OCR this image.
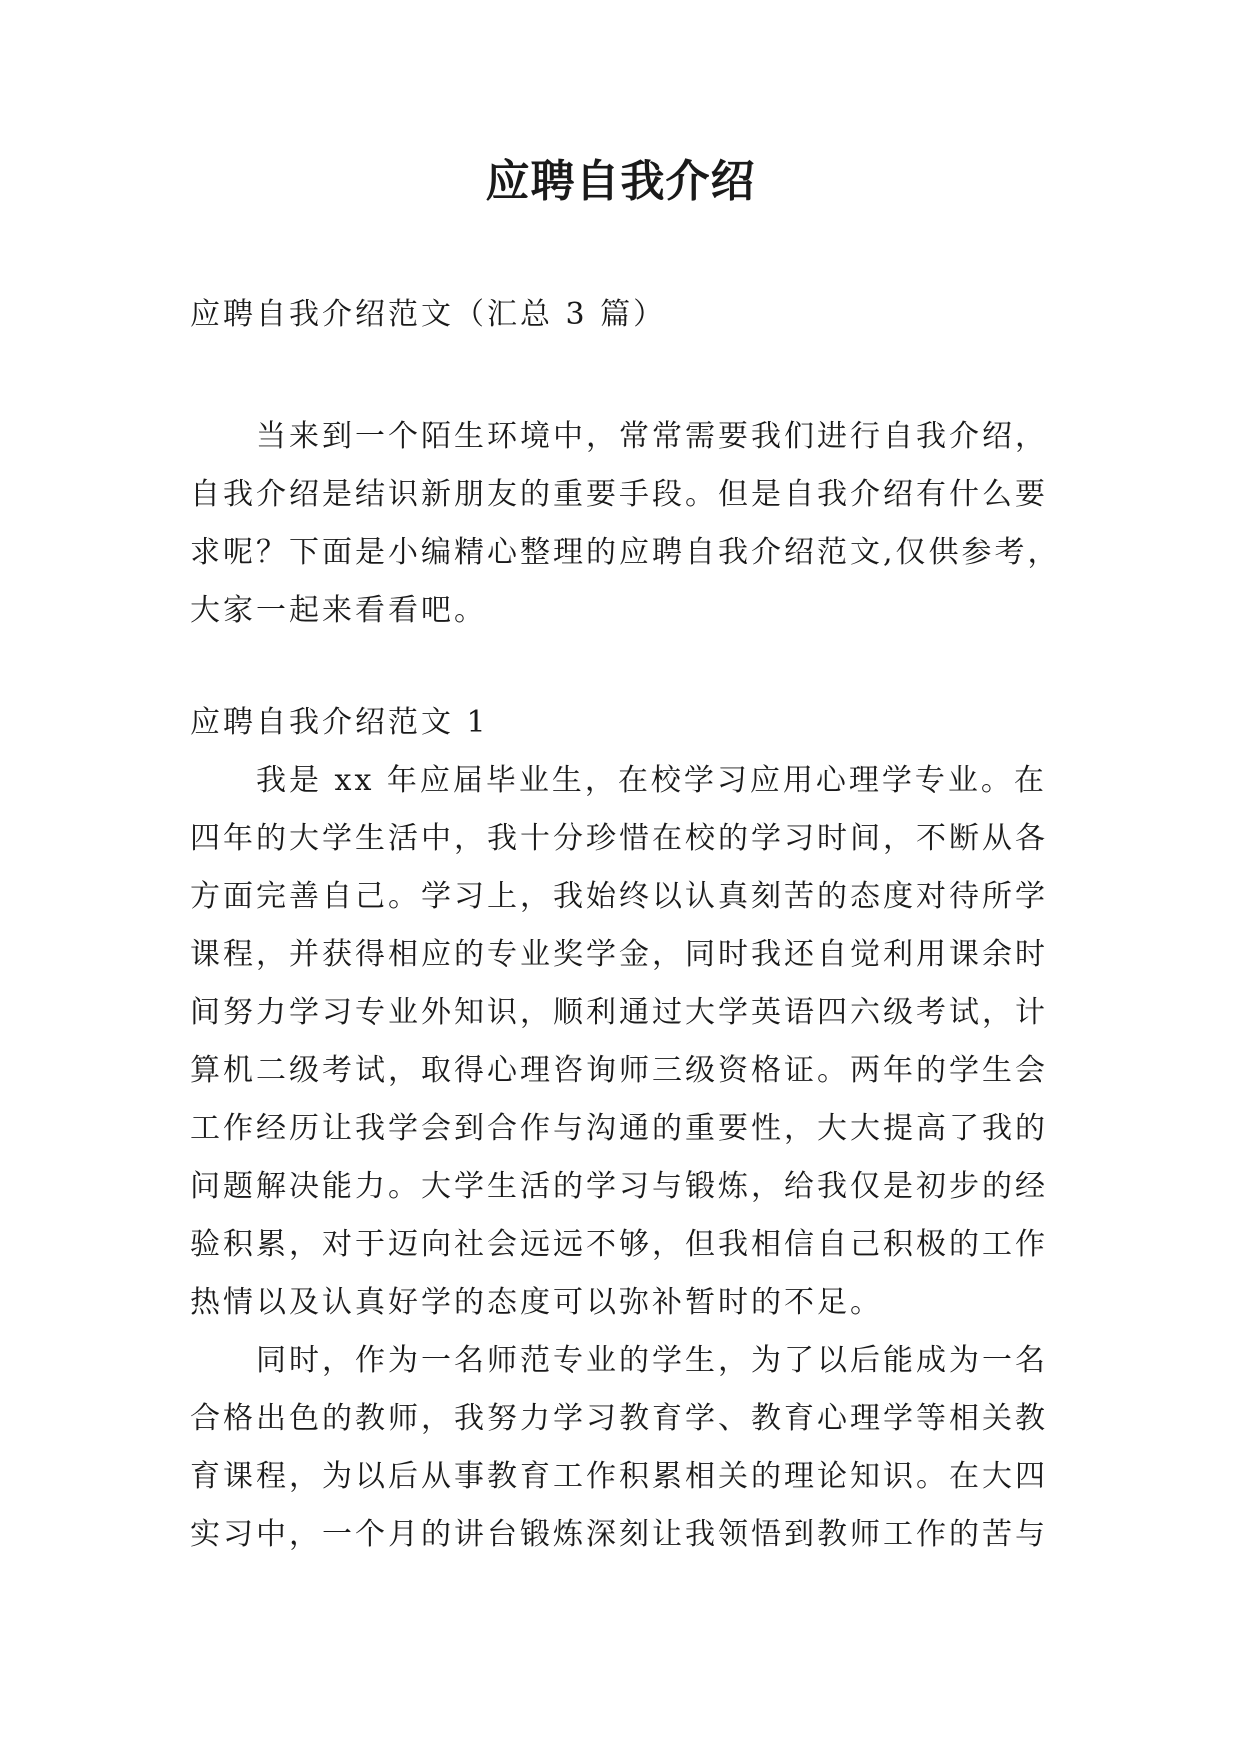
应聘自我介绍
应聘自我介绍范文（汇总 3 篇）
当来到一个陌生环境中，常常需要我们进行自我介绍，
自我介绍是结识新朋友的重要手段。但是自我介绍有什么要
求呢？下面是小编精心整理的应聘自我介绍范文,仅供参考，
大家一起来看看吧。
应聘自我介绍范文 1
我是 xx 年应届毕业生，在校学习应用心理学专业。在
四年的大学生活中，我十分珍惜在校的学习时间，不断从各
方面完善自己。学习上，我始终以认真刻苦的态度对待所学
课程，并获得相应的专业奖学金，同时我还自觉利用课余时
间努力学习专业外知识，顺利通过大学英语四六级考试，计
算机二级考试，取得心理咨询师三级资格证。两年的学生会
工作经历让我学会到合作与沟通的重要性，大大提高了我的
问题解决能力。大学生活的学习与锻炼，给我仅是初步的经
验积累，对于迈向社会远远不够，但我相信自己积极的工作
热情以及认真好学的态度可以弥补暂时的不足。
同时，作为一名师范专业的学生，为了以后能成为一名
合格出色的教师，我努力学习教育学、教育心理学等相关教
育课程，为以后从事教育工作积累相关的理论知识。在大四
实习中，一个月的讲台锻炼深刻让我领悟到教师工作的苦与
